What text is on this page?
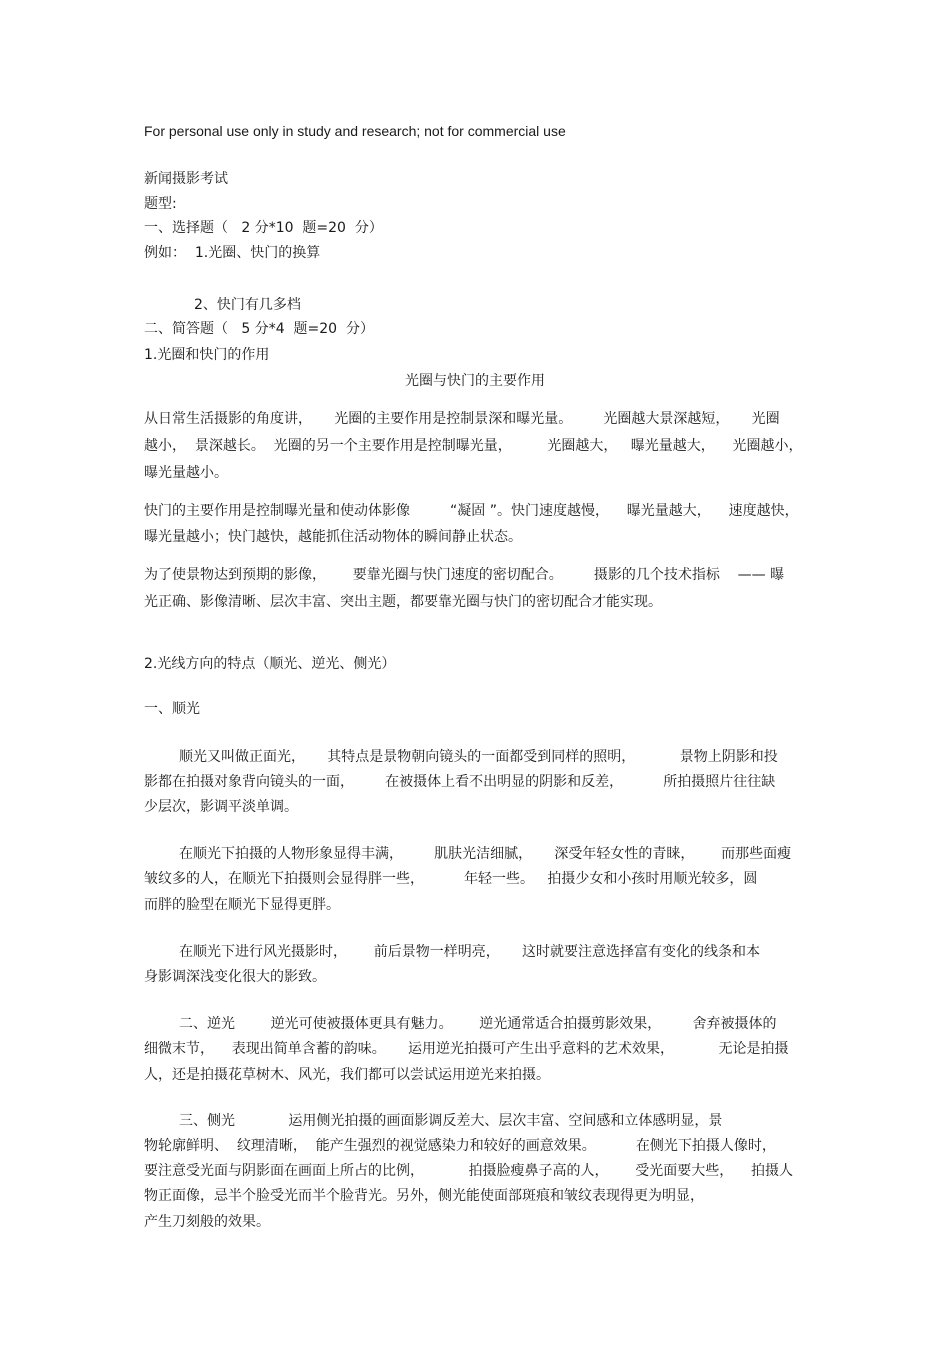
For personal use only in study and research; not for commercial use
新闻摄影考试
题型:
一、选择题（   2 分*10  题=20  分）
例如：  1.光圈、快门的换算
2、快门有几多档
二、简答题（   5 分*4  题=20  分）
1.光圈和快门的作用
光圈与快门的主要作用
从日常生活摄影的角度讲，     光圈的主要作用是控制景深和曝光量。       光圈越大景深越短，     光圈
越小，  景深越长。  光圈的另一个主要作用是控制曝光量，        光圈越大，   曝光量越大，    光圈越小，
曝光量越小。
快门的主要作用是控制曝光量和使动体影像         “凝固 ”。快门速度越慢，    曝光量越大，    速度越快，
曝光量越小；快门越快，越能抓住活动物体的瞬间静止状态。
为了使景物达到预期的影像，      要靠光圈与快门速度的密切配合。       摄影的几个技术指标    —— 曝
光正确、影像清晰、层次丰富、突出主题，都要靠光圈与快门的密切配合才能实现。
2.光线方向的特点（顺光、逆光、侧光）
一、顺光
顺光又叫做正面光，     其特点是景物朝向镜头的一面都受到同样的照明，          景物上阴影和投
影都在拍摄对象背向镜头的一面，       在被摄体上看不出明显的阴影和反差，         所拍摄照片往往缺
少层次，影调平淡单调。
在顺光下拍摄的人物形象显得丰满，       肌肤光洁细腻，     深受年轻女性的青睐，      而那些面瘦
皱纹多的人，在顺光下拍摄则会显得胖一些，         年轻一些。   拍摄少女和小孩时用顺光较多，圆
而胖的脸型在顺光下显得更胖。
在顺光下进行风光摄影时，      前后景物一样明亮，     这时就要注意选择富有变化的线条和本
身影调深浅变化很大的影致。
二、逆光        逆光可使被摄体更具有魅力。      逆光通常适合拍摄剪影效果，       舍弃被摄体的
细微末节，    表现出简单含蓄的韵味。     运用逆光拍摄可产生出乎意料的艺术效果，          无论是拍摄
人，还是拍摄花草树木、风光，我们都可以尝试运用逆光来拍摄。
三、侧光            运用侧光拍摄的画面影调反差大、层次丰富、空间感和立体感明显，景
物轮廓鲜明、  纹理清晰，  能产生强烈的视觉感染力和较好的画意效果。         在侧光下拍摄人像时，
要注意受光面与阴影面在画面上所占的比例，          拍摄脸瘦鼻子高的人，      受光面要大些，    拍摄人
物正面像，忌半个脸受光而半个脸背光。另外，侧光能使面部斑痕和皱纹表现得更为明显，
产生刀刻般的效果。
